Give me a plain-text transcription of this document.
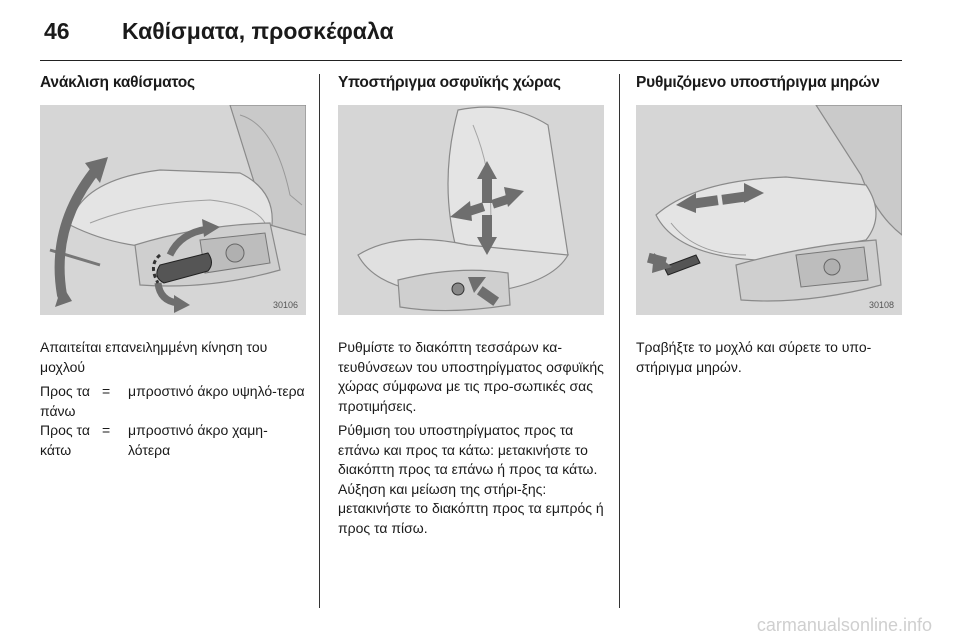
46	Καθίσματα, προσκέφαλα
Ανάκλιση καθίσματος
30106

Απαιτείται επανειλημμένη κίνηση του μοχλού

Προς τα πάνω	=	μπροστινό άκρο υψηλό-τερα
Προς τα κάτω	=	μπροστινό άκρο χαμη-λότερα
Υποστήριγμα οσφυϊκής χώρας

Ρυθμίστε το διακόπτη τεσσάρων κα-τευθύνσεων του υποστηρίγματος οσφυϊκής χώρας σύμφωνα με τις προ-σωπικές σας προτιμήσεις.

Ρύθμιση του υποστηρίγματος προς τα επάνω και προς τα κάτω: μετακινήστε το διακόπτη προς τα επάνω ή προς τα κάτω. Αύξηση και μείωση της στήρι-ξης: μετακινήστε το διακόπτη προς τα εμπρός ή προς τα πίσω.

Ρυθμιζόμενο υποστήριγμα μηρών
30108

Τραβήξτε το μοχλό και σύρετε το υπο-στήριγμα μηρών.

carmanualsonline.info
